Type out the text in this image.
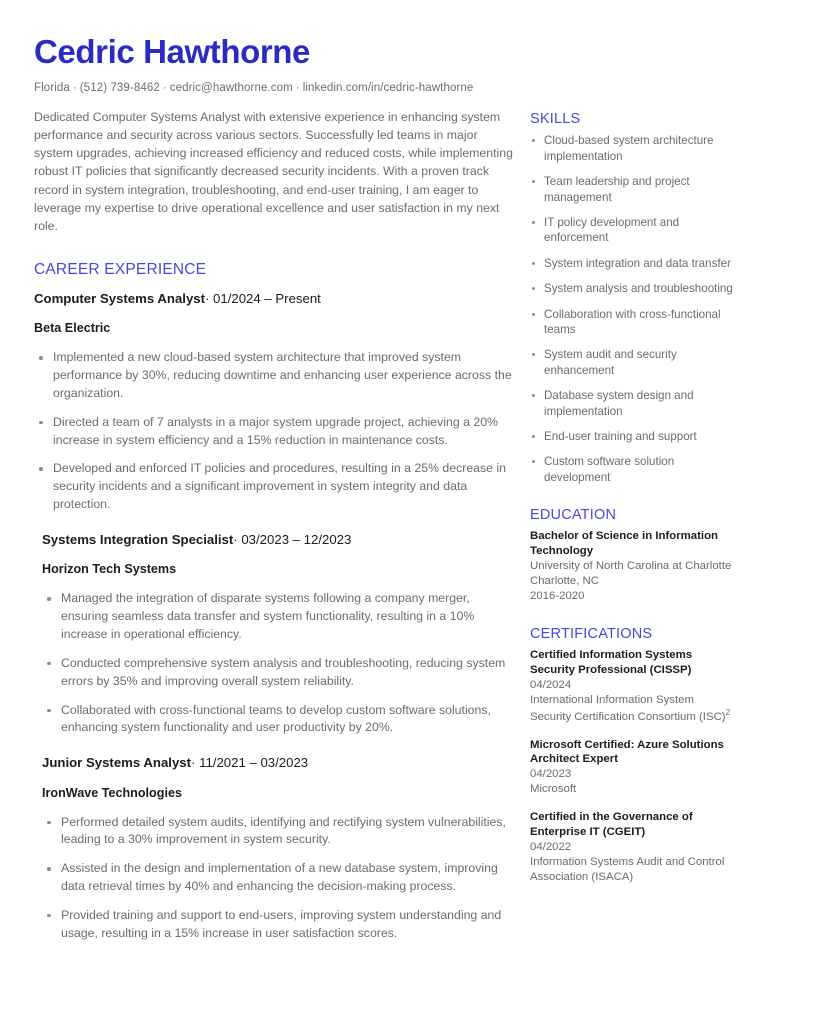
Cedric Hawthorne
Florida · (512) 739-8462 · cedric@hawthorne.com · linkedin.com/in/cedric-hawthorne
Dedicated Computer Systems Analyst with extensive experience in enhancing system performance and security across various sectors. Successfully led teams in major system upgrades, achieving increased efficiency and reduced costs, while implementing robust IT policies that significantly decreased security incidents. With a proven track record in system integration, troubleshooting, and end-user training, I am eager to leverage my expertise to drive operational excellence and user satisfaction in my next role.
CAREER EXPERIENCE
Computer Systems Analyst· 01/2024 – Present
Beta Electric
Implemented a new cloud-based system architecture that improved system performance by 30%, reducing downtime and enhancing user experience across the organization.
Directed a team of 7 analysts in a major system upgrade project, achieving a 20% increase in system efficiency and a 15% reduction in maintenance costs.
Developed and enforced IT policies and procedures, resulting in a 25% decrease in security incidents and a significant improvement in system integrity and data protection.
Systems Integration Specialist· 03/2023 – 12/2023
Horizon Tech Systems
Managed the integration of disparate systems following a company merger, ensuring seamless data transfer and system functionality, resulting in a 10% increase in operational efficiency.
Conducted comprehensive system analysis and troubleshooting, reducing system errors by 35% and improving overall system reliability.
Collaborated with cross-functional teams to develop custom software solutions, enhancing system functionality and user productivity by 20%.
Junior Systems Analyst· 11/2021 – 03/2023
IronWave Technologies
Performed detailed system audits, identifying and rectifying system vulnerabilities, leading to a 30% improvement in system security.
Assisted in the design and implementation of a new database system, improving data retrieval times by 40% and enhancing the decision-making process.
Provided training and support to end-users, improving system understanding and usage, resulting in a 15% increase in user satisfaction scores.
SKILLS
Cloud-based system architecture implementation
Team leadership and project management
IT policy development and enforcement
System integration and data transfer
System analysis and troubleshooting
Collaboration with cross-functional teams
System audit and security enhancement
Database system design and implementation
End-user training and support
Custom software solution development
EDUCATION
Bachelor of Science in Information Technology
University of North Carolina at Charlotte
Charlotte, NC
2016-2020
CERTIFICATIONS
Certified Information Systems Security Professional (CISSP)
04/2024
International Information System Security Certification Consortium (ISC)$^2$
Microsoft Certified: Azure Solutions Architect Expert
04/2023
Microsoft
Certified in the Governance of Enterprise IT (CGEIT)
04/2022
Information Systems Audit and Control Association (ISACA)
